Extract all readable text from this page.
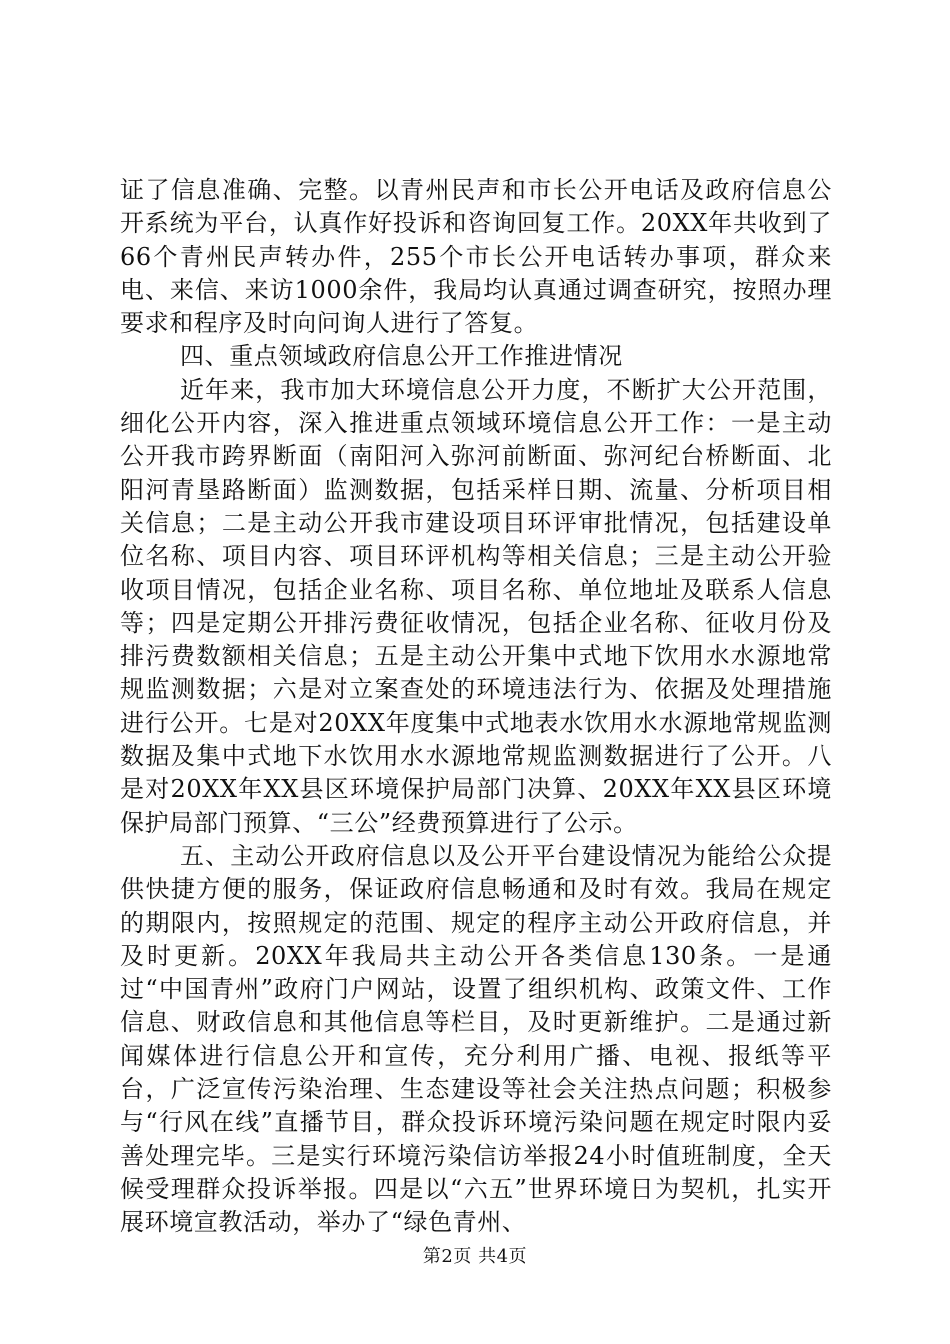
证了信息准确、完整。以青州民声和市长公开电话及政府信息公开系统为平台，认真作好投诉和咨询回复工作。20XX年共收到了66个青州民声转办件，255个市长公开电话转办事项，群众来电、来信、来访1000余件，我局均认真通过调查研究，按照办理要求和程序及时向问询人进行了答复。

四、重点领域政府信息公开工作推进情况

近年来，我市加大环境信息公开力度，不断扩大公开范围，细化公开内容，深入推进重点领域环境信息公开工作：一是主动公开我市跨界断面（南阳河入弥河前断面、弥河纪台桥断面、北阳河青垦路断面）监测数据，包括采样日期、流量、分析项目相关信息；二是主动公开我市建设项目环评审批情况，包括建设单位名称、项目内容、项目环评机构等相关信息；三是主动公开验收项目情况，包括企业名称、项目名称、单位地址及联系人信息等；四是定期公开排污费征收情况，包括企业名称、征收月份及排污费数额相关信息；五是主动公开集中式地下饮用水水源地常规监测数据；六是对立案查处的环境违法行为、依据及处理措施进行公开。七是对20XX年度集中式地表水饮用水水源地常规监测数据及集中式地下水饮用水水源地常规监测数据进行了公开。八是对20XX年XX县区环境保护局部门决算、20XX年XX县区环境保护局部门预算、“三公”经费预算进行了公示。

五、主动公开政府信息以及公开平台建设情况为能给公众提供快捷方便的服务，保证政府信息畅通和及时有效。我局在规定的期限内，按照规定的范围、规定的程序主动公开政府信息，并及时更新。20XX年我局共主动公开各类信息130条。一是通过“中国青州”政府门户网站，设置了组织机构、政策文件、工作信息、财政信息和其他信息等栏目，及时更新维护。二是通过新闻媒体进行信息公开和宣传，充分利用广播、电视、报纸等平台，广泛宣传污染治理、生态建设等社会关注热点问题；积极参与“行风在线”直播节目，群众投诉环境污染问题在规定时限内妥善处理完毕。三是实行环境污染信访举报24小时值班制度，全天候受理群众投诉举报。四是以“六五”世界环境日为契机，扎实开展环境宣教活动，举办了“绿色青州、

第2页 共4页
